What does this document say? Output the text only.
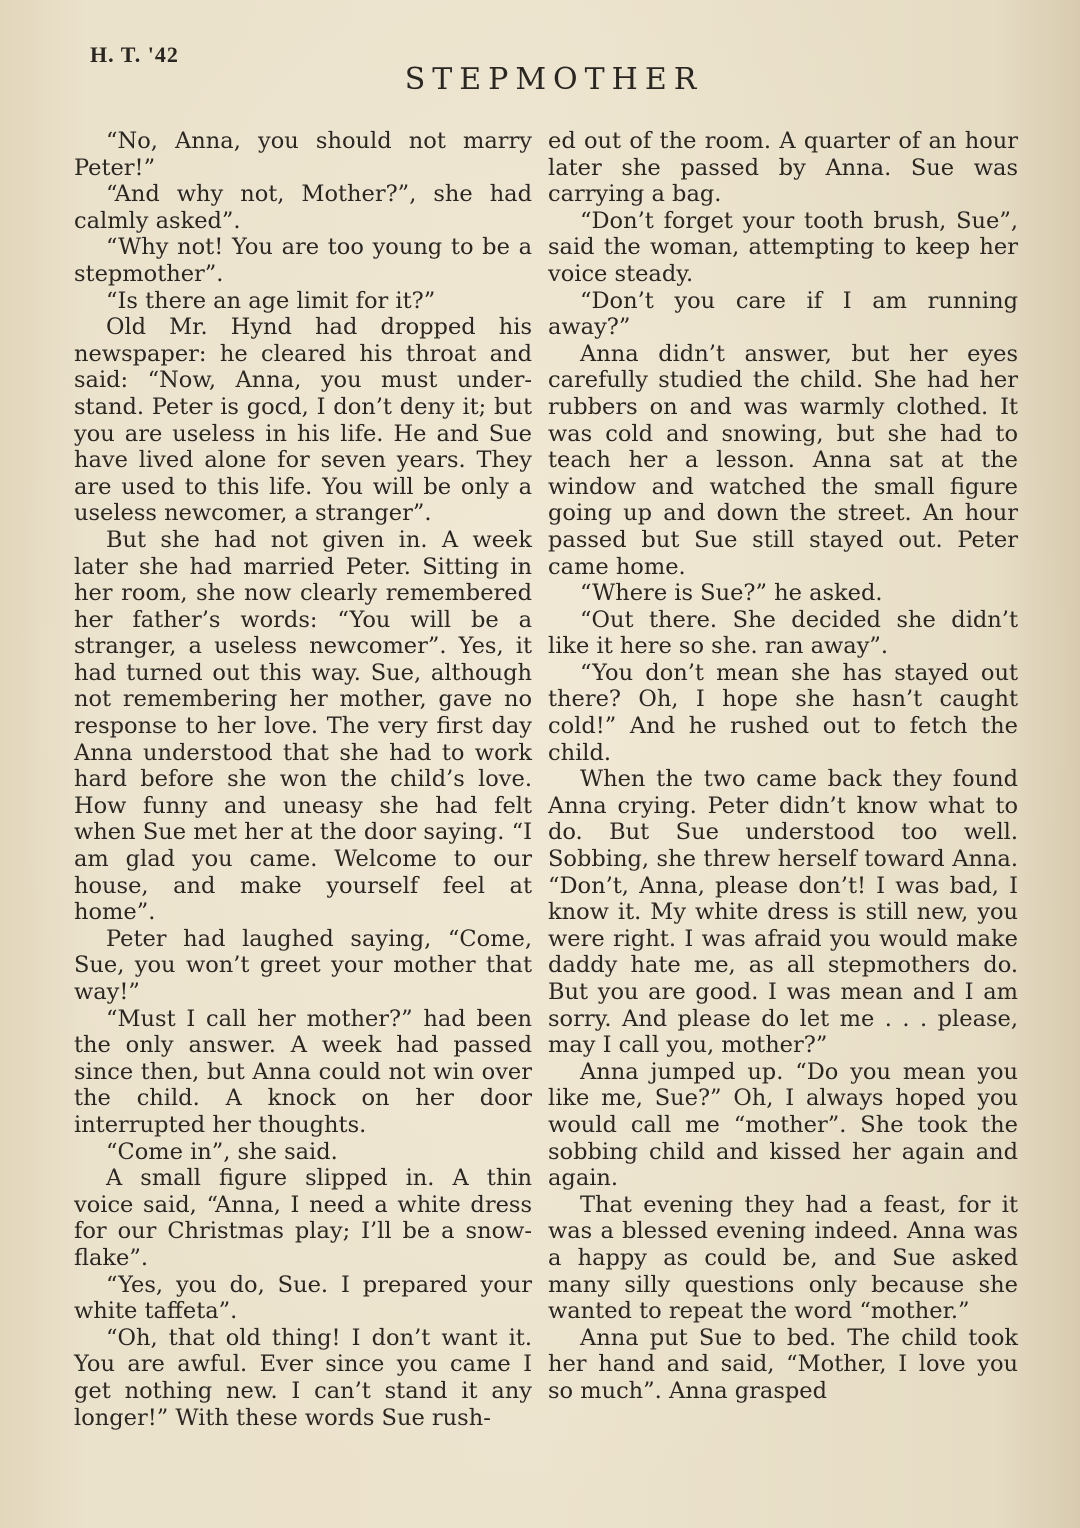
H. T. '42
STEPMOTHER

“No, Anna, you should not marry Peter!”

“And why not, Mother?”, she had calmly asked”.

“Why not! You are too young to be a stepmother”.

“Is there an age limit for it?”

Old Mr. Hynd had dropped his newspaper: he cleared his throat and said: “Now, Anna, you must understand. Peter is gocd, I don’t deny it; but you are useless in his life. He and Sue have lived alone for seven years. They are used to this life. You will be only a useless newcomer, a stranger”.

But she had not given in. A week later she had married Peter. Sitting in her room, she now clearly remembered her father’s words: “You will be a stranger, a useless newcomer”. Yes, it had turned out this way. Sue, although not remembering her mother, gave no response to her love. The very first day Anna understood that she had to work hard before she won the child’s love. How funny and uneasy she had felt when Sue met her at the door saying. “I am glad you came. Welcome to our house, and make yourself feel at home”.

Peter had laughed saying, “Come, Sue, you won’t greet your mother that way!”

“Must I call her mother?” had been the only answer. A week had passed since then, but Anna could not win over the child. A knock on her door interrupted her thoughts.

“Come in”, she said.

A small figure slipped in. A thin voice said, “Anna, I need a white dress for our Christmas play; I’ll be a snow-flake”.

“Yes, you do, Sue. I prepared your white taffeta”.

“Oh, that old thing! I don’t want it. You are awful. Ever since you came I get nothing new. I can’t stand it any longer!” With these words Sue rush-

ed out of the room. A quarter of an hour later she passed by Anna. Sue was carrying a bag.

“Don’t forget your tooth brush, Sue”, said the woman, attempting to keep her voice steady.

“Don’t you care if I am running away?”

Anna didn’t answer, but her eyes carefully studied the child. She had her rubbers on and was warmly clothed. It was cold and snowing, but she had to teach her a lesson. Anna sat at the window and watched the small figure going up and down the street. An hour passed but Sue still stayed out. Peter came home.

“Where is Sue?” he asked.

“Out there. She decided she didn’t like it here so she. ran away”.

“You don’t mean she has stayed out there? Oh, I hope she hasn’t caught cold!” And he rushed out to fetch the child.

When the two came back they found Anna crying. Peter didn’t know what to do. But Sue understood too well. Sobbing, she threw herself toward Anna. “Don’t, Anna, please don’t! I was bad, I know it. My white dress is still new, you were right. I was afraid you would make daddy hate me, as all stepmothers do. But you are good. I was mean and I am sorry. And please do let me . . . please, may I call you, mother?”

Anna jumped up. “Do you mean you like me, Sue?” Oh, I always hoped you would call me “mother”. She took the sobbing child and kissed her again and again.

That evening they had a feast, for it was a blessed evening indeed. Anna was a happy as could be, and Sue asked many silly questions only because she wanted to repeat the word “mother.”

Anna put Sue to bed. The child took her hand and said, “Mother, I love you so much”. Anna grasped
